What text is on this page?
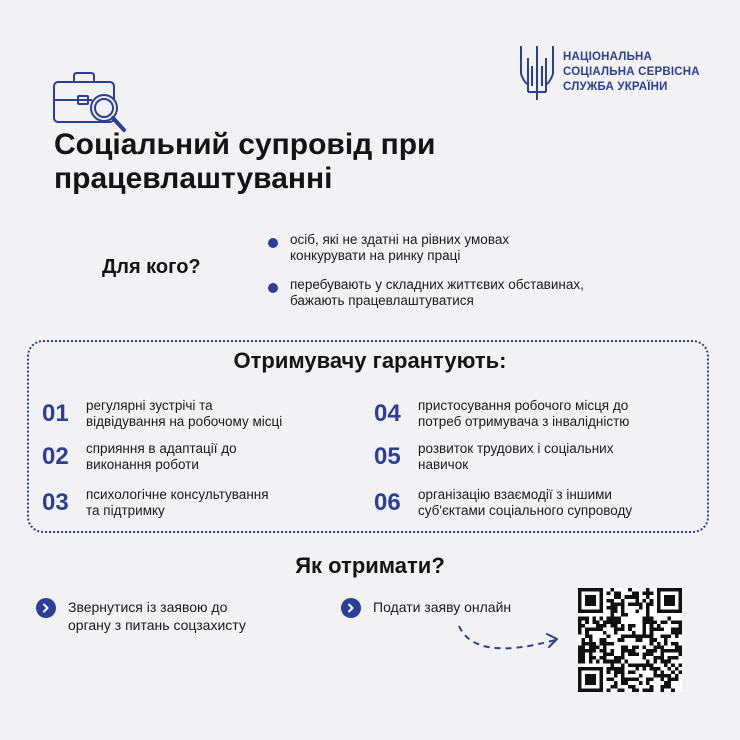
НАЦІОНАЛЬНА
СОЦІАЛЬНА СЕРВІСНА
СЛУЖБА УКРАЇНИ
Соціальний супровід при
працевлаштуванні
Для кого?
осіб, які не здатні на рівних умовах
конкурувати на ринку праці
перебувають у складних життєвих обставинах,
бажають працевлаштуватися
Отримувачу гарантують:
01	регулярні зустрічі та
відвідування на робочому місці
02	сприяння в адаптації до
виконання роботи
03	психологічне консультування
та підтримку
04	пристосування робочого місця до
потреб отримувача з інвалідністю
05	розвиток трудових і соціальних
навичок
06	організацію взаємодії з іншими
суб'єктами соціального супроводу
Як отримати?
Звернутися із заявою до
органу з питань соцзахисту
Подати заяву онлайн
